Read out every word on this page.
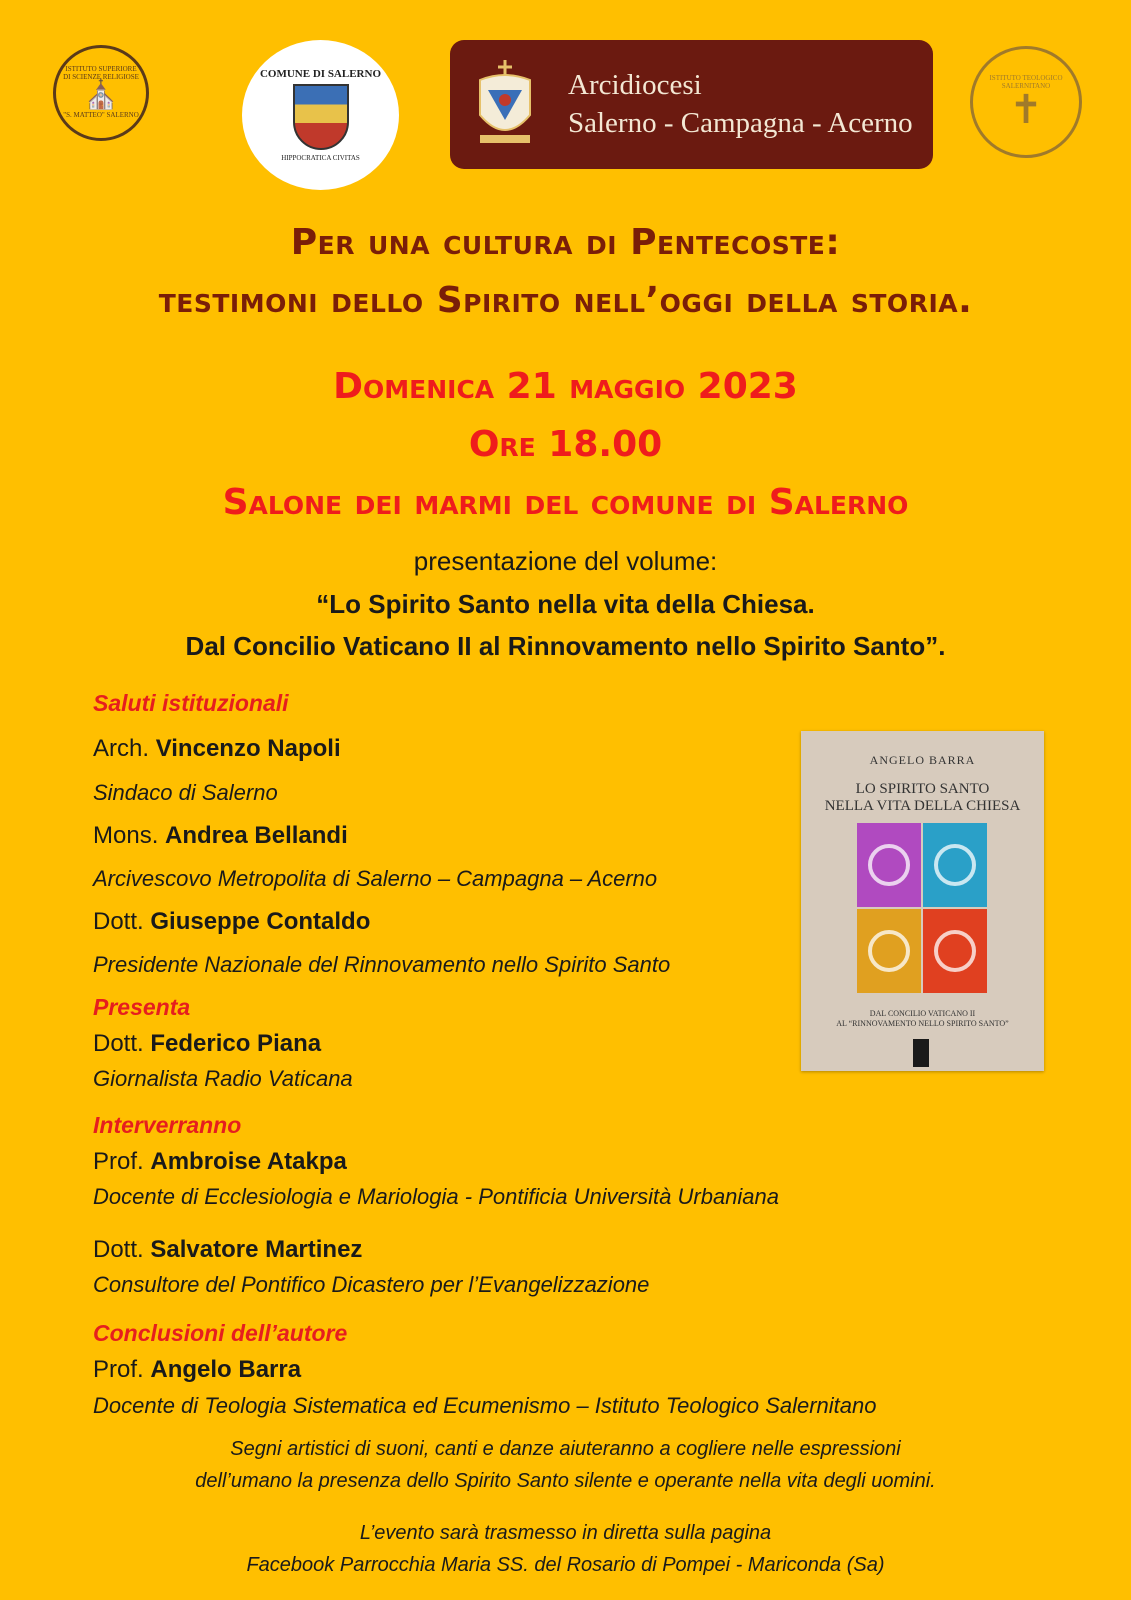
ISTITUTO SUPERIORE DI SCIENZE RELIGIOSE
⛪
"S. MATTEO" SALERNO
COMUNE DI SALERNO
HIPPOCRATICA CIVITAS
Arcidiocesi
Salerno - Campagna - Acerno
ISTITUTO TEOLOGICO SALERNITANO
✝
Per una cultura di Pentecoste:
testimoni dello Spirito nell’oggi della storia.
Domenica 21 maggio 2023
Ore 18.00
Salone dei marmi del comune di Salerno
presentazione del volume:
“Lo Spirito Santo nella vita della Chiesa.
Dal Concilio Vaticano II al Rinnovamento nello Spirito Santo”.
Saluti istituzionali
Arch. Vincenzo Napoli
Sindaco di Salerno
Mons. Andrea Bellandi
Arcivescovo Metropolita di Salerno – Campagna – Acerno
Dott. Giuseppe Contaldo
Presidente Nazionale del Rinnovamento nello Spirito Santo
Presenta
Dott. Federico Piana
Giornalista Radio Vaticana
Interverranno
Prof. Ambroise Atakpa
Docente di Ecclesiologia e Mariologia - Pontificia Università Urbaniana
Dott. Salvatore Martinez
Consultore del Pontifico Dicastero per l’Evangelizzazione
Conclusioni dell’autore
Prof. Angelo Barra
Docente di Teologia Sistematica ed Ecumenismo – Istituto Teologico Salernitano
ANGELO BARRA
LO SPIRITO SANTO
NELLA VITA DELLA CHIESA
DAL CONCILIO VATICANO II
AL “RINNOVAMENTO NELLO SPIRITO SANTO”
Segni artistici di suoni, canti e danze aiuteranno a cogliere nelle espressioni
dell’umano la presenza dello Spirito Santo silente e operante nella vita degli uomini.
L’evento sarà trasmesso in diretta sulla pagina
Facebook Parrocchia Maria SS. del Rosario di Pompei - Mariconda (Sa)
